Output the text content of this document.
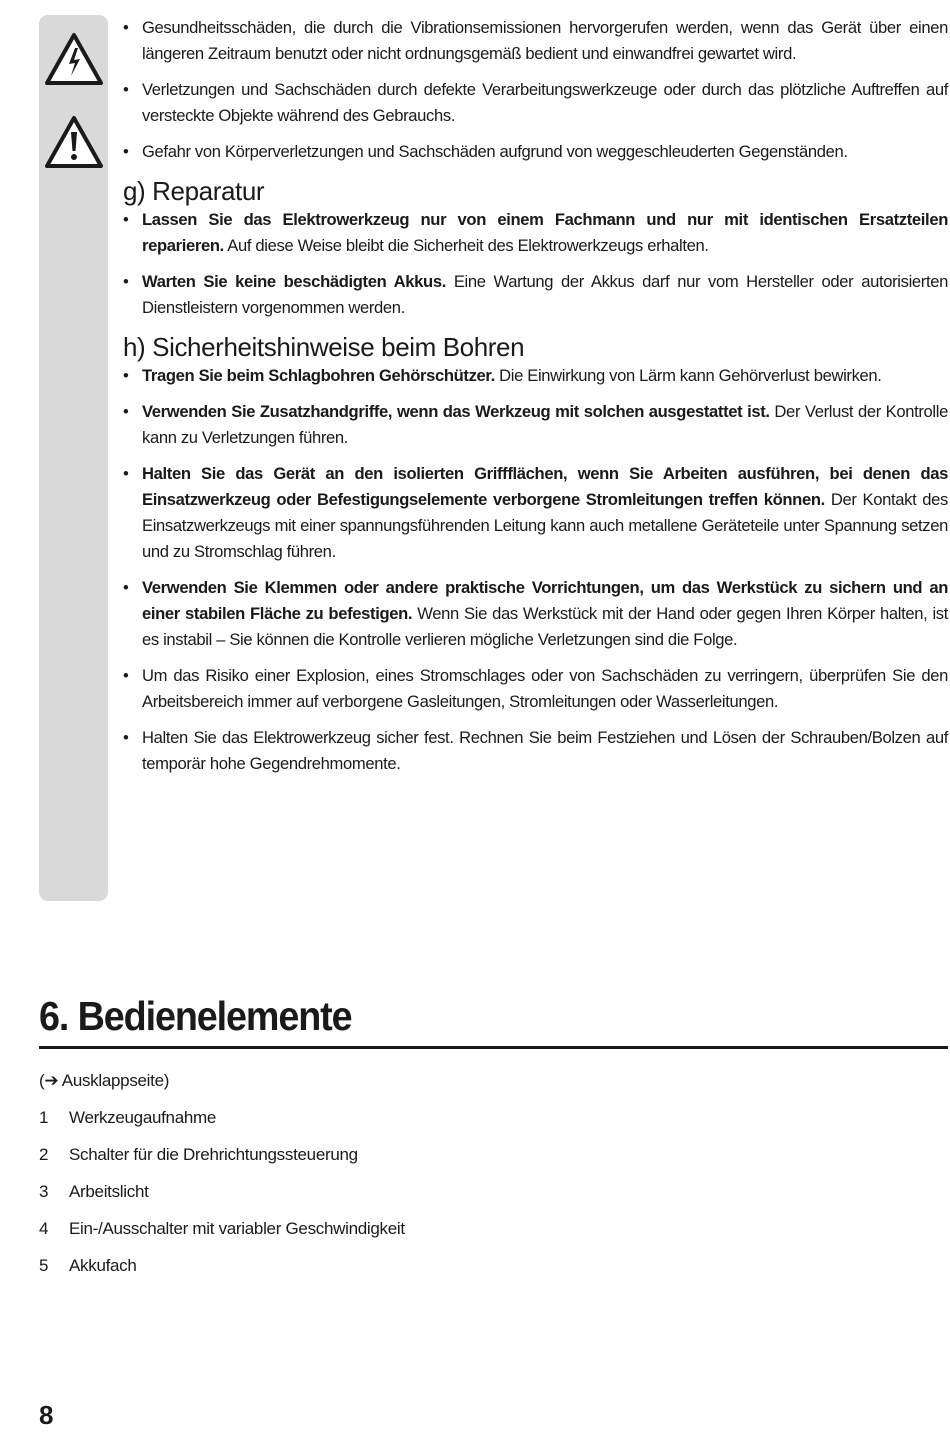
• Gesundheitsschäden, die durch die Vibrationsemissionen hervorgerufen werden, wenn das Gerät über einen längeren Zeitraum benutzt oder nicht ordnungsgemäß bedient und einwandfrei gewartet wird.
• Verletzungen und Sachschäden durch defekte Verarbeitungswerkzeuge oder durch das plötzliche Auftreffen auf versteckte Objekte während des Gebrauchs.
• Gefahr von Körperverletzungen und Sachschäden aufgrund von weggeschleuderten Gegenständen.
g) Reparatur
• Lassen Sie das Elektrowerkzeug nur von einem Fachmann und nur mit identischen Ersatzteilen reparieren. Auf diese Weise bleibt die Sicherheit des Elektrowerkzeugs erhalten.
• Warten Sie keine beschädigten Akkus. Eine Wartung der Akkus darf nur vom Hersteller oder autorisierten Dienstleistern vorgenommen werden.
h) Sicherheitshinweise beim Bohren
• Tragen Sie beim Schlagbohren Gehörschützer. Die Einwirkung von Lärm kann Gehörverlust bewirken.
• Verwenden Sie Zusatzhandgriffe, wenn das Werkzeug mit solchen ausgestattet ist. Der Verlust der Kontrolle kann zu Verletzungen führen.
• Halten Sie das Gerät an den isolierten Griffflächen, wenn Sie Arbeiten ausführen, bei denen das Einsatzwerkzeug oder Befestigungselemente verborgene Stromleitungen treffen können. Der Kontakt des Einsatzwerkzeugs mit einer spannungsführenden Leitung kann auch metallene Geräteteile unter Spannung setzen und zu Stromschlag führen.
• Verwenden Sie Klemmen oder andere praktische Vorrichtungen, um das Werkstück zu sichern und an einer stabilen Fläche zu befestigen. Wenn Sie das Werkstück mit der Hand oder gegen Ihren Körper halten, ist es instabil – Sie können die Kontrolle verlieren mögliche Verletzungen sind die Folge.
• Um das Risiko einer Explosion, eines Stromschlages oder von Sachschäden zu verringern, überprüfen Sie den Arbeitsbereich immer auf verborgene Gasleitungen, Stromleitungen oder Wasserleitungen.
• Halten Sie das Elektrowerkzeug sicher fest. Rechnen Sie beim Festziehen und Lösen der Schrauben/Bolzen auf temporär hohe Gegendrehmomente.
6. Bedienelemente
(➔ Ausklappseite)
1	Werkzeugaufnahme
2	Schalter für die Drehrichtungssteuerung
3	Arbeitslicht
4	Ein-/Ausschalter mit variabler Geschwindigkeit
5	Akkufach
8
